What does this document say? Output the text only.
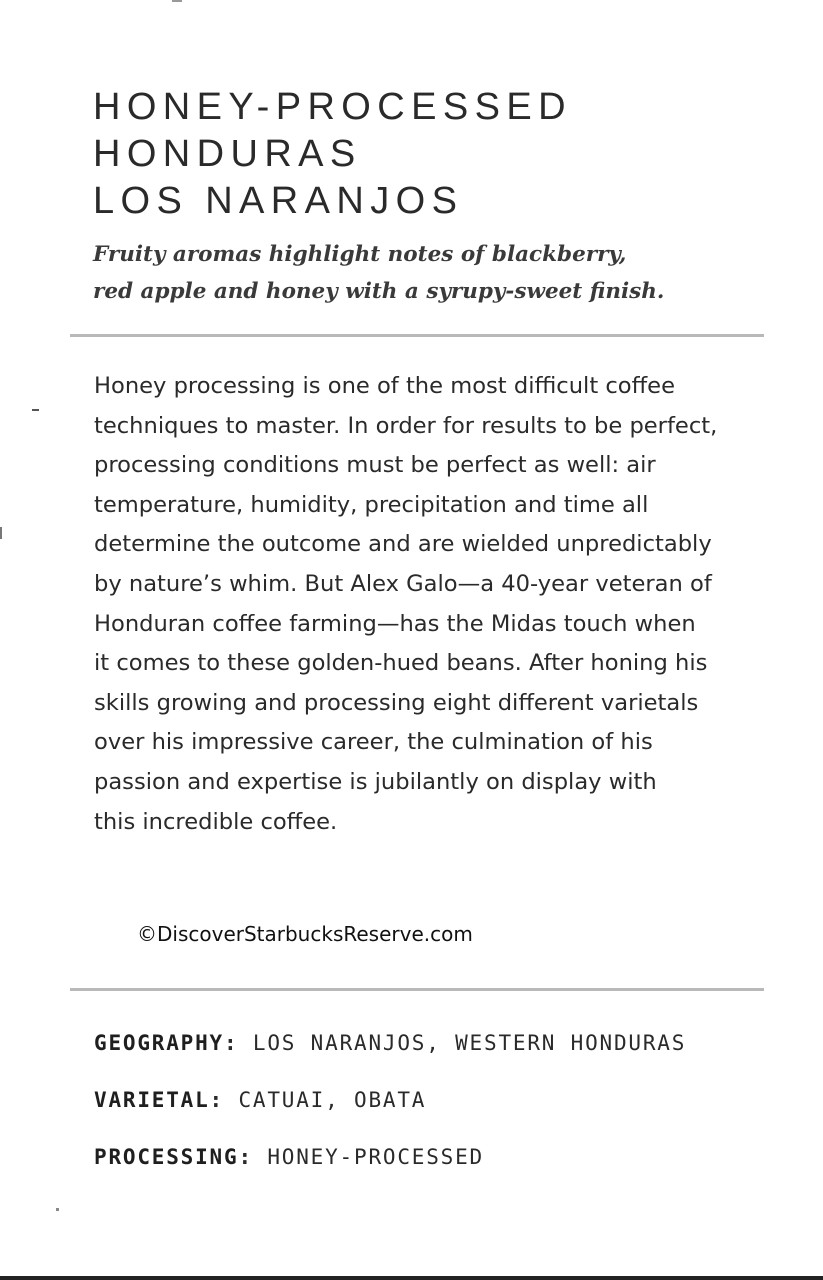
HONEY-PROCESSED
HONDURAS
LOS NARANJOS
Fruity aromas highlight notes of blackberry,
red apple and honey with a syrupy-sweet finish.
Honey processing is one of the most difficult coffee
techniques to master. In order for results to be perfect,
processing conditions must be perfect as well: air
temperature, humidity, precipitation and time all
determine the outcome and are wielded unpredictably
by nature’s whim. But Alex Galo—a 40-year veteran of
Honduran coffee farming—has the Midas touch when
it comes to these golden-hued beans. After honing his
skills growing and processing eight different varietals
over his impressive career, the culmination of his
passion and expertise is jubilantly on display with
this incredible coffee.
©DiscoverStarbucksReserve.com
GEOGRAPHY: LOS NARANJOS, WESTERN HONDURAS
VARIETAL: CATUAI, OBATA
PROCESSING: HONEY-PROCESSED
